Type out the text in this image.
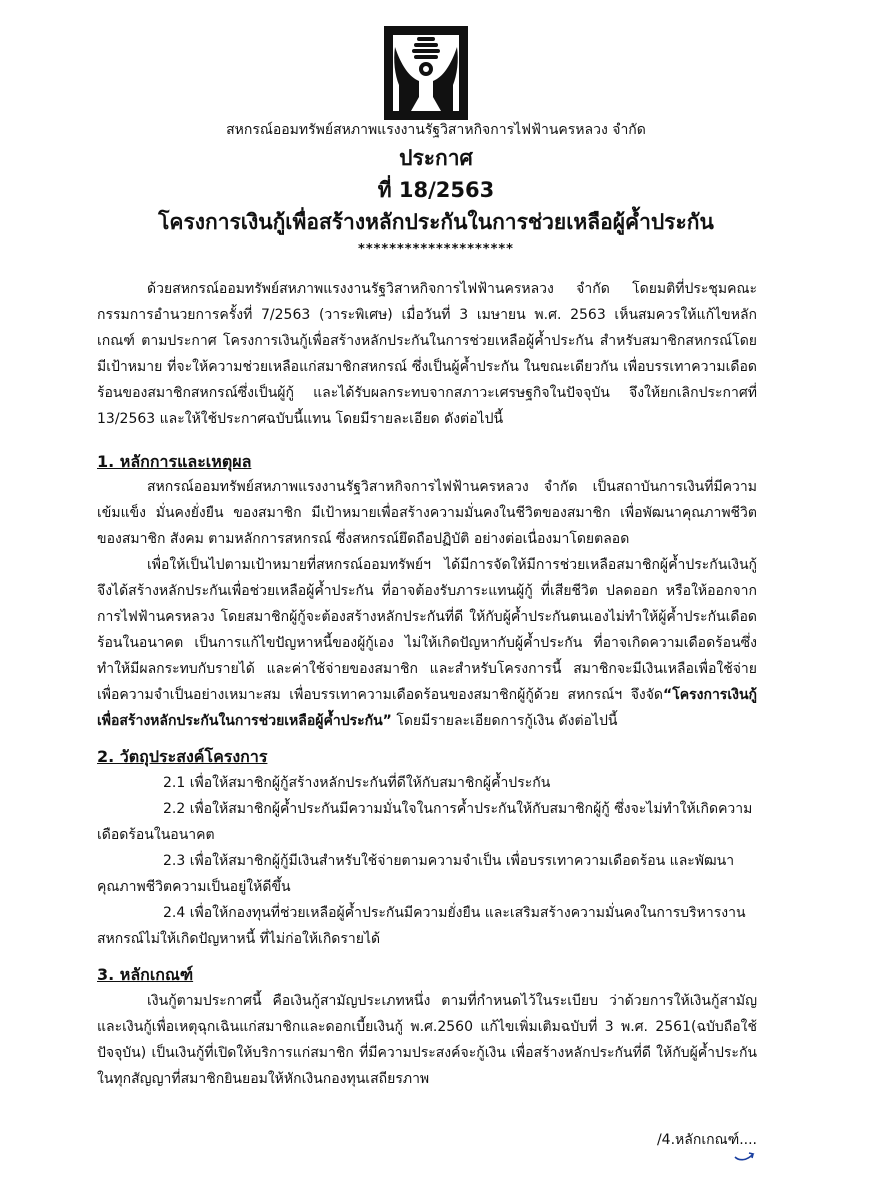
สหกรณ์ออมทรัพย์สหภาพแรงงานรัฐวิสาหกิจการไฟฟ้านครหลวง จำกัด
ประกาศ
ที่ 18/2563
โครงการเงินกู้เพื่อสร้างหลักประกันในการช่วยเหลือผู้ค้ำประกัน
********************

ด้วยสหกรณ์ออมทรัพย์สหภาพแรงงานรัฐวิสาหกิจการไฟฟ้านครหลวง จำกัด โดยมติที่ประชุมคณะกรรมการอำนวยการครั้งที่ 7/2563 (วาระพิเศษ) เมื่อวันที่ 3 เมษายน พ.ศ. 2563 เห็นสมควรให้แก้ไขหลักเกณฑ์ ตามประกาศ โครงการเงินกู้เพื่อสร้างหลักประกันในการช่วยเหลือผู้ค้ำประกัน สำหรับสมาชิกสหกรณ์โดยมีเป้าหมาย ที่จะให้ความช่วยเหลือแก่สมาชิกสหกรณ์ ซึ่งเป็นผู้ค้ำประกัน ในขณะเดียวกัน เพื่อบรรเทาความเดือดร้อนของสมาชิกสหกรณ์ซึ่งเป็นผู้กู้ และได้รับผลกระทบจากสภาวะเศรษฐกิจในปัจจุบัน จึงให้ยกเลิกประกาศที่ 13/2563 และให้ใช้ประกาศฉบับนี้แทน โดยมีรายละเอียด ดังต่อไปนี้

1. หลักการและเหตุผล

สหกรณ์ออมทรัพย์สหภาพแรงงานรัฐวิสาหกิจการไฟฟ้านครหลวง จำกัด เป็นสถาบันการเงินที่มีความเข้มแข็ง มั่นคงยั่งยืน ของสมาชิก มีเป้าหมายเพื่อสร้างความมั่นคงในชีวิตของสมาชิก เพื่อพัฒนาคุณภาพชีวิตของสมาชิก สังคม ตามหลักการสหกรณ์ ซึ่งสหกรณ์ยึดถือปฏิบัติ อย่างต่อเนื่องมาโดยตลอด

เพื่อให้เป็นไปตามเป้าหมายที่สหกรณ์ออมทรัพย์ฯ ได้มีการจัดให้มีการช่วยเหลือสมาชิกผู้ค้ำประกันเงินกู้ จึงได้สร้างหลักประกันเพื่อช่วยเหลือผู้ค้ำประกัน ที่อาจต้องรับภาระแทนผู้กู้ ที่เสียชีวิต ปลดออก หรือให้ออกจากการไฟฟ้านครหลวง โดยสมาชิกผู้กู้จะต้องสร้างหลักประกันที่ดี ให้กับผู้ค้ำประกันตนเองไม่ทำให้ผู้ค้ำประกันเดือดร้อนในอนาคต เป็นการแก้ไขปัญหาหนี้ของผู้กู้เอง ไม่ให้เกิดปัญหากับผู้ค้ำประกัน ที่อาจเกิดความเดือดร้อนซึ่งทำให้มีผลกระทบกับรายได้ และค่าใช้จ่ายของสมาชิก และสำหรับโครงการนี้ สมาชิกจะมีเงินเหลือเพื่อใช้จ่ายเพื่อความจำเป็นอย่างเหมาะสม เพื่อบรรเทาความเดือดร้อนของสมาชิกผู้กู้ด้วย สหกรณ์ฯ จึงจัด“โครงการเงินกู้เพื่อสร้างหลักประกันในการช่วยเหลือผู้ค้ำประกัน” โดยมีรายละเอียดการกู้เงิน ดังต่อไปนี้

2. วัตถุประสงค์โครงการ

2.1 เพื่อให้สมาชิกผู้กู้สร้างหลักประกันที่ดีให้กับสมาชิกผู้ค้ำประกัน

2.2 เพื่อให้สมาชิกผู้ค้ำประกันมีความมั่นใจในการค้ำประกันให้กับสมาชิกผู้กู้ ซึ่งจะไม่ทำให้เกิดความเดือดร้อนในอนาคต

2.3 เพื่อให้สมาชิกผู้กู้มีเงินสำหรับใช้จ่ายตามความจำเป็น เพื่อบรรเทาความเดือดร้อน และพัฒนาคุณภาพชีวิตความเป็นอยู่ให้ดีขึ้น

2.4 เพื่อให้กองทุนที่ช่วยเหลือผู้ค้ำประกันมีความยั่งยืน และเสริมสร้างความมั่นคงในการบริหารงานสหกรณ์ไม่ให้เกิดปัญหาหนี้ ที่ไม่ก่อให้เกิดรายได้

3. หลักเกณฑ์

เงินกู้ตามประกาศนี้ คือเงินกู้สามัญประเภทหนึ่ง ตามที่กำหนดไว้ในระเบียบ ว่าด้วยการให้เงินกู้สามัญและเงินกู้เพื่อเหตุฉุกเฉินแก่สมาชิกและดอกเบี้ยเงินกู้ พ.ศ.2560 แก้ไขเพิ่มเติมฉบับที่ 3 พ.ศ. 2561(ฉบับถือใช้ปัจจุบัน) เป็นเงินกู้ที่เปิดให้บริการแก่สมาชิก ที่มีความประสงค์จะกู้เงิน เพื่อสร้างหลักประกันที่ดี ให้กับผู้ค้ำประกัน ในทุกสัญญาที่สมาชิกยินยอมให้หักเงินกองทุนเสถียรภาพ

/4.หลักเกณฑ์....
